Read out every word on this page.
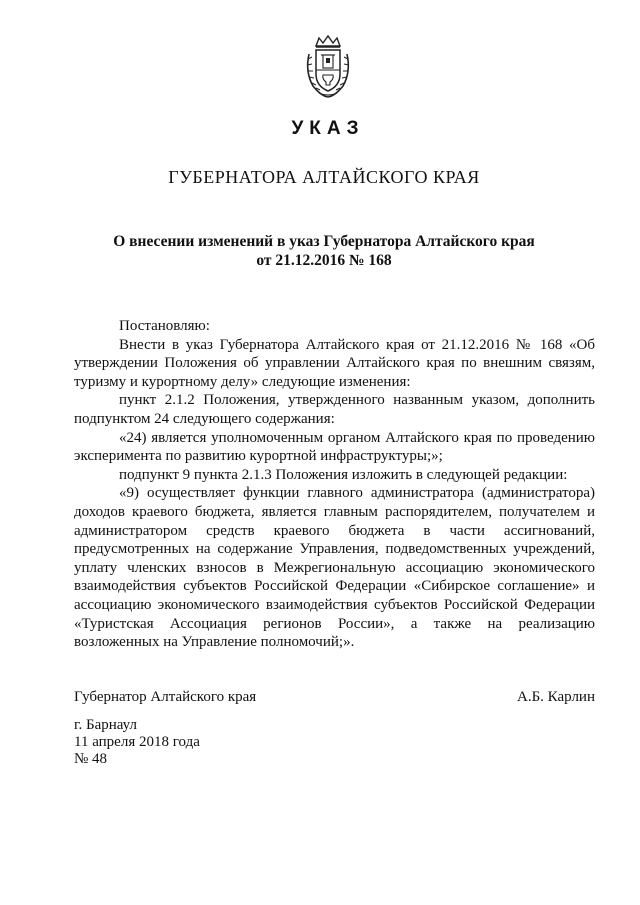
УКАЗ
ГУБЕРНАТОРА АЛТАЙСКОГО КРАЯ
О внесении изменений в указ Губернатора Алтайского края
от 21.12.2016 № 168

Постановляю:

Внести в указ Губернатора Алтайского края от 21.12.2016 № 168 «Об утверждении Положения об управлении Алтайского края по внешним связям, туризму и курортному делу» следующие изменения:

пункт 2.1.2 Положения, утвержденного названным указом, дополнить подпунктом 24 следующего содержания:

«24) является уполномоченным органом Алтайского края по проведению эксперимента по развитию курортной инфраструктуры;»;

подпункт 9 пункта 2.1.3 Положения изложить в следующей редакции:

«9) осуществляет функции главного администратора (администратора) доходов краевого бюджета, является главным распорядителем, получателем и администратором средств краевого бюджета в части ассигнований, предусмотренных на содержание Управления, подведомственных учреждений, уплату членских взносов в Межрегиональную ассоциацию экономического взаимодействия субъектов Российской Федерации «Сибирское соглашение» и ассоциацию экономического взаимодействия субъектов Российской Федерации «Туристская Ассоциация регионов России», а также на реализацию возложенных на Управление полномочий;».

Губернатор Алтайского края	А.Б. Карлин
г. Барнаул
11 апреля 2018 года
№ 48
